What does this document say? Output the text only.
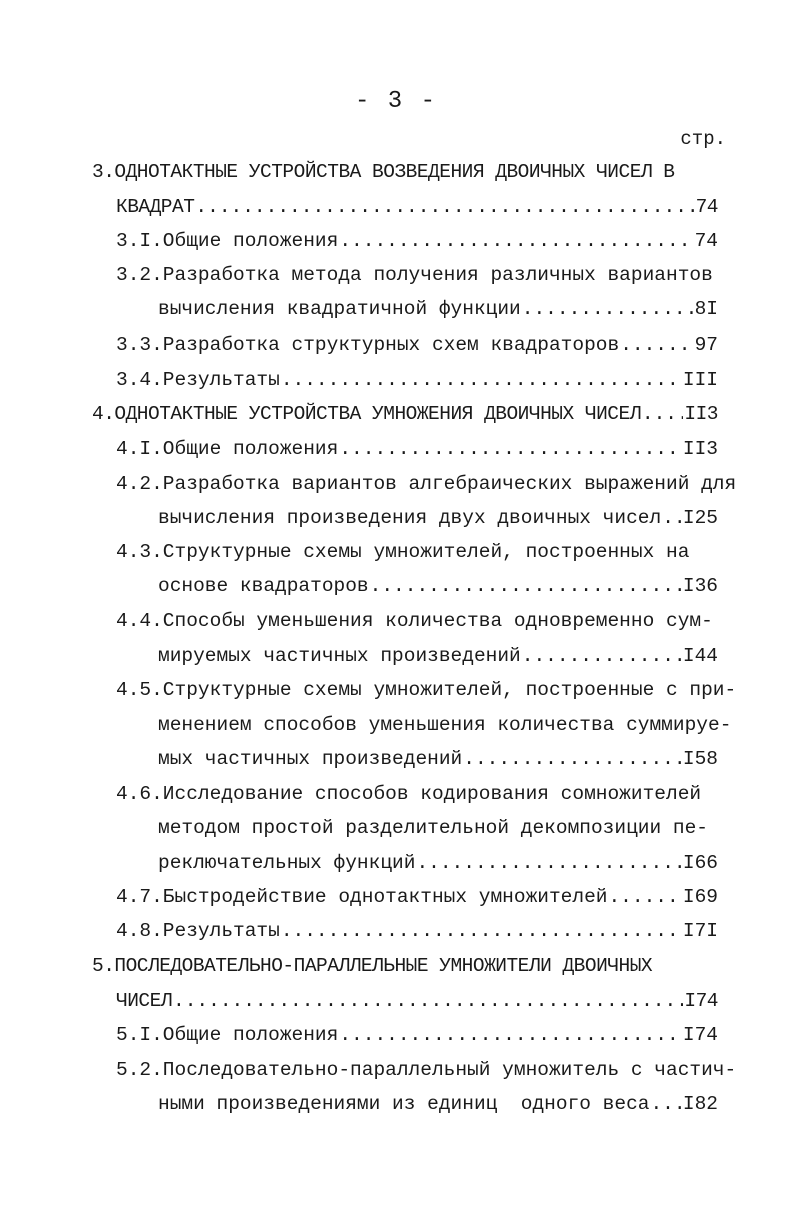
- 3 -
стр.
3.ОДНОТАКТНЫЕ УСТРОЙСТВА ВОЗВЕДЕНИЯ ДВОИЧНЫХ ЧИСЕЛ В
КВАДРАТ .....	74
3.I.Общие положения .....	74
3.2.Разработка метода получения различных вариантов
вычисления квадратичной функции .....	8I
3.3.Разработка структурных схем квадраторов .....	97
3.4.Результаты .....	III
4.ОДНОТАКТНЫЕ УСТРОЙСТВА УМНОЖЕНИЯ ДВОИЧНЫХ ЧИСЕЛ ..... II3
4.I.Общие положения .....	II3
4.2.Разработка вариантов алгебраических выражений для
вычисления произведения двух двоичных чисел ..... I25
4.3.Структурные схемы умножителей, построенных на
основе квадраторов .....	I36
4.4.Способы уменьшения количества одновременно сум-
мируемых частичных произведений .....	I44
4.5.Структурные схемы умножителей, построенные с при-
менением способов уменьшения количества суммируе-
мых частичных произведений .....	I58
4.6.Исследование способов кодирования сомножителей
методом простой разделительной декомпозиции пе-
реключательных функций .....	I66
4.7.Быстродействие однотактных умножителей .....	I69
4.8.Результаты .....	I7I
5.ПОСЛЕДОВАТЕЛЬНО-ПАРАЛЛЕЛЬНЫЕ УМНОЖИТЕЛИ ДВОИЧНЫХ
ЧИСЕЛ .....	I74
5.I.Общие положения .....	I74
5.2.Последовательно-параллельный умножитель с частич-
ными произведениями из единиц  одного веса ..... I82
